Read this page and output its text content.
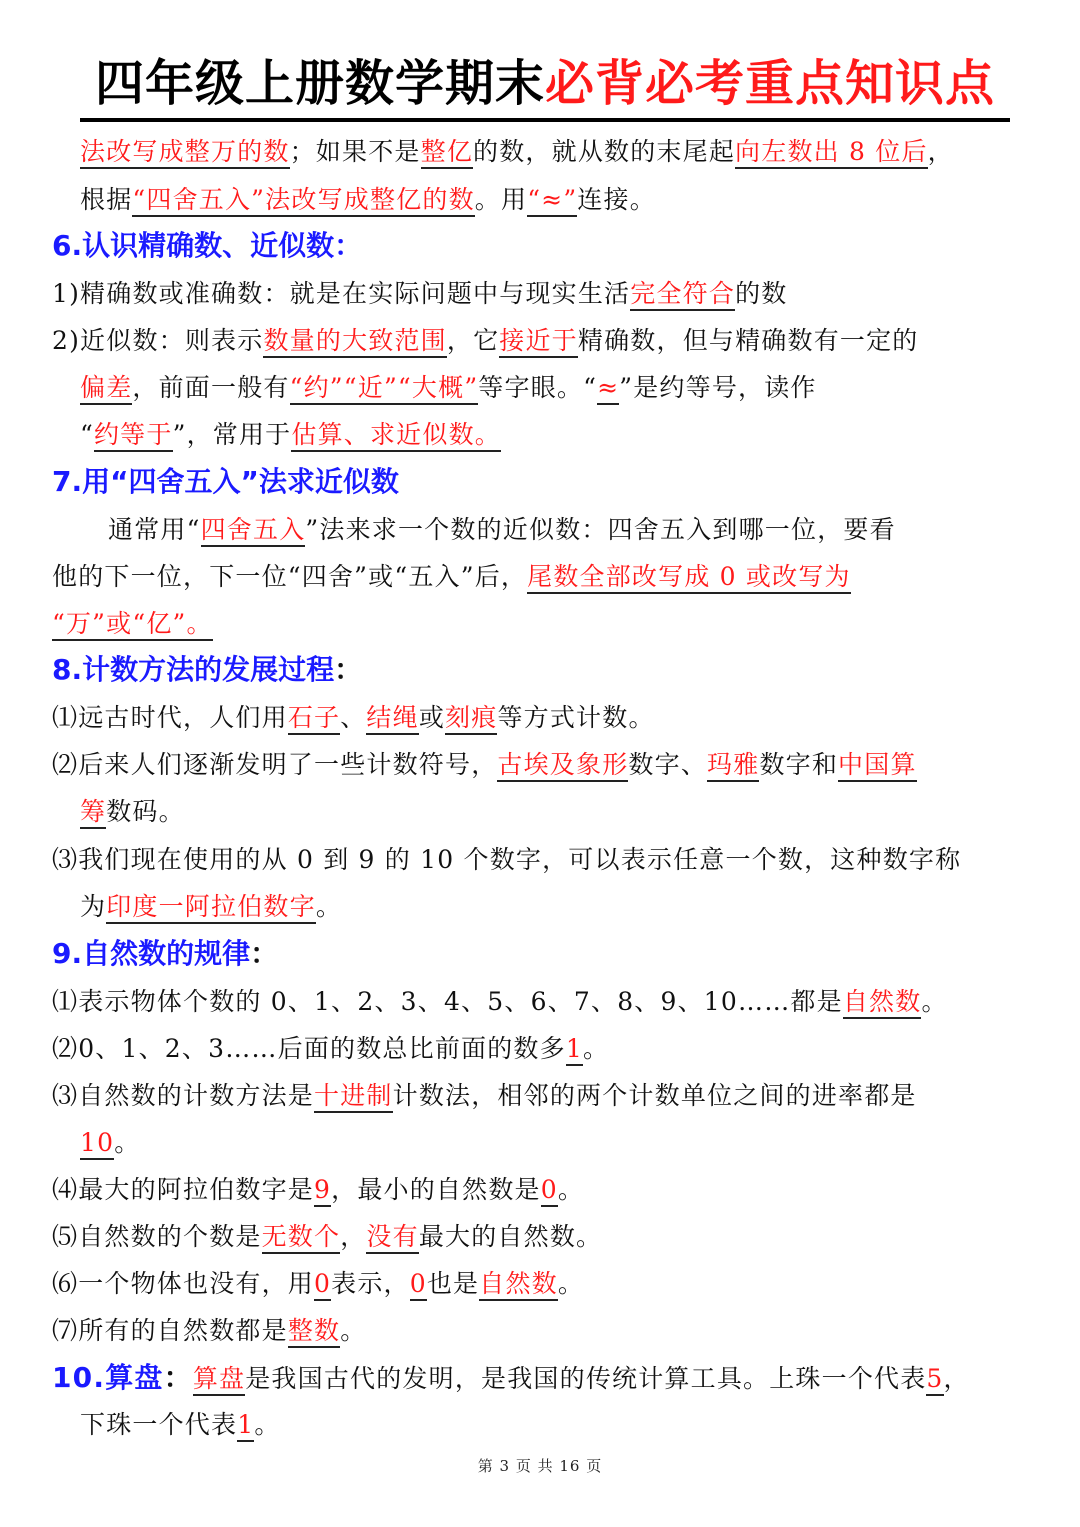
四年级上册数学期末必背必考重点知识点
法改写成整万的数；如果不是整亿的数，就从数的末尾起向左数出 8 位后，
根据“四舍五入”法改写成整亿的数。用“≈”连接。
6.认识精确数、近似数：
1)精确数或准确数：就是在实际问题中与现实生活完全符合的数
2)近似数：则表示数量的大致范围，它接近于精确数，但与精确数有一定的
偏差，前面一般有“约”“近”“大概”等字眼。“≈”是约等号，读作
“约等于”，常用于估算、求近似数。
7.用“四舍五入”法求近似数
通常用“四舍五入”法来求一个数的近似数：四舍五入到哪一位，要看
他的下一位，下一位“四舍”或“五入”后，尾数全部改写成 0 或改写为
“万”或“亿”。
8.计数方法的发展过程：
⑴远古时代，人们用石子、结绳或刻痕等方式计数。
⑵后来人们逐渐发明了一些计数符号，古埃及象形数字、玛雅数字和中国算
筹数码。
⑶我们现在使用的从 0 到 9 的 10 个数字，可以表示任意一个数，这种数字称
为印度一阿拉伯数字。
9.自然数的规律：
⑴表示物体个数的 0、1、2、3、4、5、6、7、8、9、10……都是自然数。
⑵0、1、2、3……后面的数总比前面的数多1。
⑶自然数的计数方法是十进制计数法，相邻的两个计数单位之间的进率都是
10。
⑷最大的阿拉伯数字是9，最小的自然数是0。
⑸自然数的个数是无数个，没有最大的自然数。
⑹一个物体也没有，用0表示，0也是自然数。
⑺所有的自然数都是整数。
10.算盘：算盘是我国古代的发明，是我国的传统计算工具。上珠一个代表5，
下珠一个代表1。
第 3 页 共 16 页
